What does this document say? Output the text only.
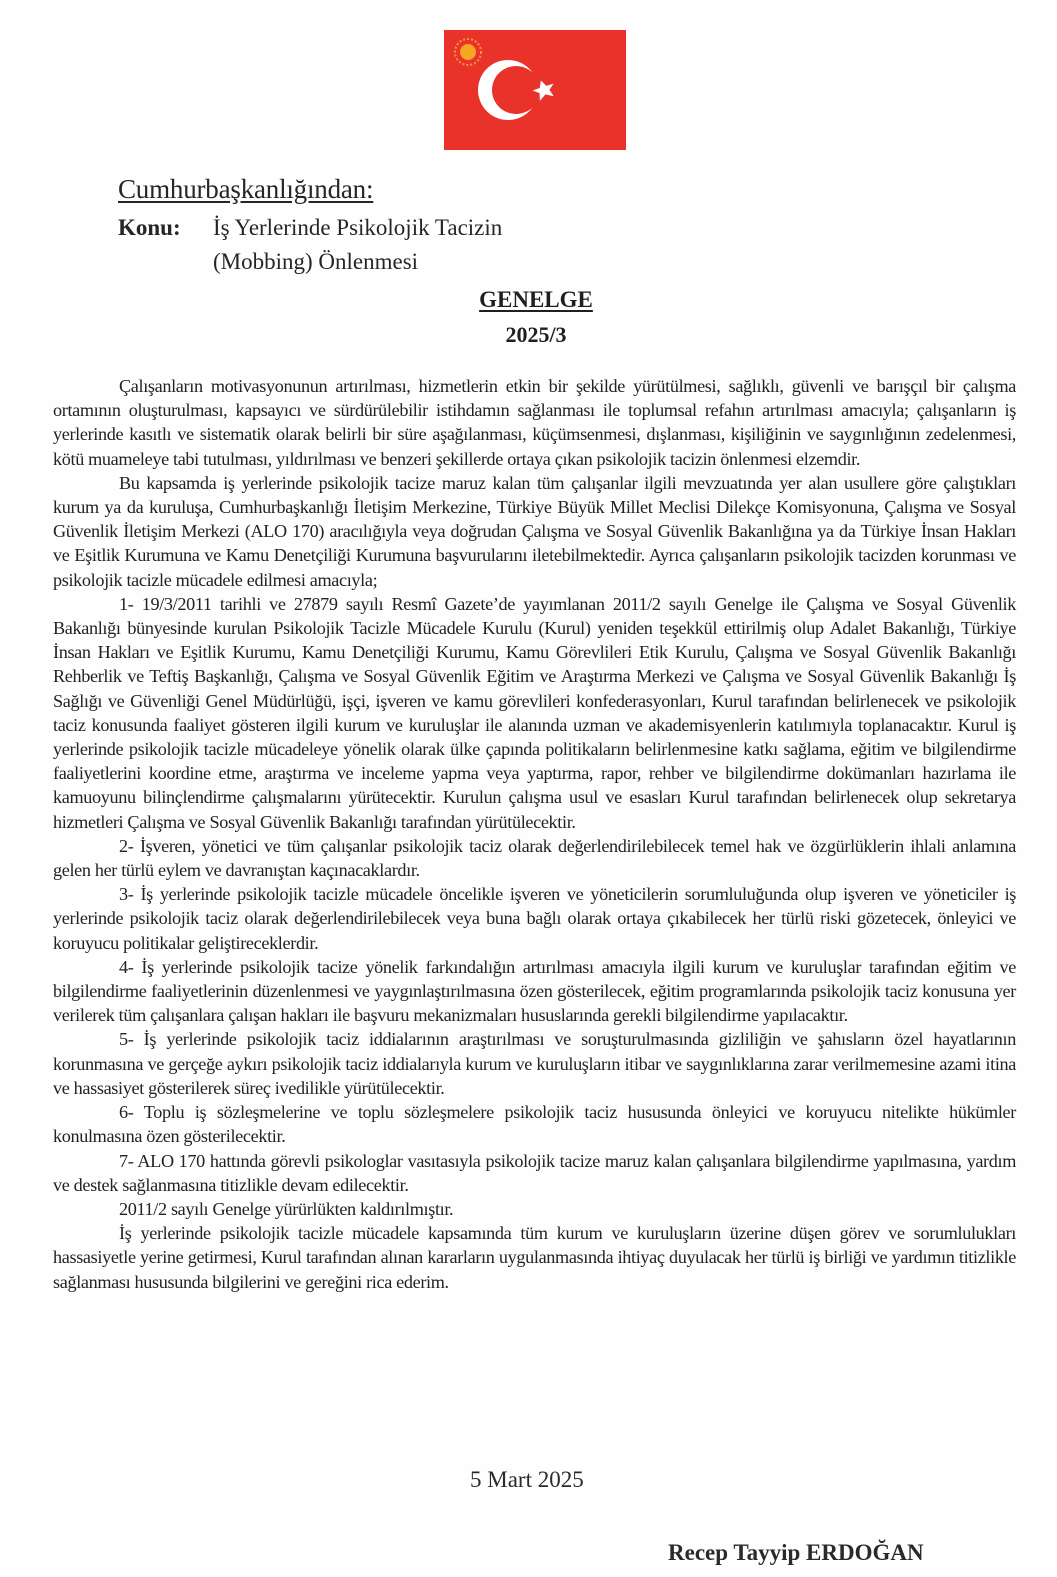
Cumhurbaşkanlığından:
Konu: İş Yerlerinde Psikolojik Tacizin
(Mobbing) Önlenmesi
GENELGE
2025/3

Çalışanların motivasyonunun artırılması, hizmetlerin etkin bir şekilde yürütülmesi, sağlıklı, güvenli ve barışçıl bir çalışma ortamının oluşturulması, kapsayıcı ve sürdürülebilir istihdamın sağlanması ile toplumsal refahın artırılması amacıyla; çalışanların iş yerlerinde kasıtlı ve sistematik olarak belirli bir süre aşağılanması, küçümsenmesi, dışlanması, kişiliğinin ve saygınlığının zedelenmesi, kötü muameleye tabi tutulması, yıldırılması ve benzeri şekillerde ortaya çıkan psikolojik tacizin önlenmesi elzemdir.

Bu kapsamda iş yerlerinde psikolojik tacize maruz kalan tüm çalışanlar ilgili mevzuatında yer alan usullere göre çalıştıkları kurum ya da kuruluşa, Cumhurbaşkanlığı İletişim Merkezine, Türkiye Büyük Millet Meclisi Dilekçe Komisyonuna, Çalışma ve Sosyal Güvenlik İletişim Merkezi (ALO 170) aracılığıyla veya doğrudan Çalışma ve Sosyal Güvenlik Bakanlığına ya da Türkiye İnsan Hakları ve Eşitlik Kurumuna ve Kamu Denetçiliği Kurumuna başvurularını iletebilmektedir. Ayrıca çalışanların psikolojik tacizden korunması ve psikolojik tacizle mücadele edilmesi amacıyla;

1- 19/3/2011 tarihli ve 27879 sayılı Resmî Gazete’de yayımlanan 2011/2 sayılı Genelge ile Çalışma ve Sosyal Güvenlik Bakanlığı bünyesinde kurulan Psikolojik Tacizle Mücadele Kurulu (Kurul) yeniden teşekkül ettirilmiş olup Adalet Bakanlığı, Türkiye İnsan Hakları ve Eşitlik Kurumu, Kamu Denetçiliği Kurumu, Kamu Görevlileri Etik Kurulu, Çalışma ve Sosyal Güvenlik Bakanlığı Rehberlik ve Teftiş Başkanlığı, Çalışma ve Sosyal Güvenlik Eğitim ve Araştırma Merkezi ve Çalışma ve Sosyal Güvenlik Bakanlığı İş Sağlığı ve Güvenliği Genel Müdürlüğü, işçi, işveren ve kamu görevlileri konfederasyonları, Kurul tarafından belirlenecek ve psikolojik taciz konusunda faaliyet gösteren ilgili kurum ve kuruluşlar ile alanında uzman ve akademisyenlerin katılımıyla toplanacaktır. Kurul iş yerlerinde psikolojik tacizle mücadeleye yönelik olarak ülke çapında politikaların belirlenmesine katkı sağlama, eğitim ve bilgilendirme faaliyetlerini koordine etme, araştırma ve inceleme yapma veya yaptırma, rapor, rehber ve bilgilendirme dokümanları hazırlama ile kamuoyunu bilinçlendirme çalışmalarını yürütecektir. Kurulun çalışma usul ve esasları Kurul tarafından belirlenecek olup sekretarya hizmetleri Çalışma ve Sosyal Güvenlik Bakanlığı tarafından yürütülecektir.

2- İşveren, yönetici ve tüm çalışanlar psikolojik taciz olarak değerlendirilebilecek temel hak ve özgürlüklerin ihlali anlamına gelen her türlü eylem ve davranıştan kaçınacaklardır.

3- İş yerlerinde psikolojik tacizle mücadele öncelikle işveren ve yöneticilerin sorumluluğunda olup işveren ve yöneticiler iş yerlerinde psikolojik taciz olarak değerlendirilebilecek veya buna bağlı olarak ortaya çıkabilecek her türlü riski gözetecek, önleyici ve koruyucu politikalar geliştireceklerdir.

4- İş yerlerinde psikolojik tacize yönelik farkındalığın artırılması amacıyla ilgili kurum ve kuruluşlar tarafından eğitim ve bilgilendirme faaliyetlerinin düzenlenmesi ve yaygınlaştırılmasına özen gösterilecek, eğitim programlarında psikolojik taciz konusuna yer verilerek tüm çalışanlara çalışan hakları ile başvuru mekanizmaları hususlarında gerekli bilgilendirme yapılacaktır.

5- İş yerlerinde psikolojik taciz iddialarının araştırılması ve soruşturulmasında gizliliğin ve şahısların özel hayatlarının korunmasına ve gerçeğe aykırı psikolojik taciz iddialarıyla kurum ve kuruluşların itibar ve saygınlıklarına zarar verilmemesine azami itina ve hassasiyet gösterilerek süreç ivedilikle yürütülecektir.

6- Toplu iş sözleşmelerine ve toplu sözleşmelere psikolojik taciz hususunda önleyici ve koruyucu nitelikte hükümler konulmasına özen gösterilecektir.

7- ALO 170 hattında görevli psikologlar vasıtasıyla psikolojik tacize maruz kalan çalışanlara bilgilendirme yapılmasına, yardım ve destek sağlanmasına titizlikle devam edilecektir.

2011/2 sayılı Genelge yürürlükten kaldırılmıştır.

İş yerlerinde psikolojik tacizle mücadele kapsamında tüm kurum ve kuruluşların üzerine düşen görev ve sorumlulukları hassasiyetle yerine getirmesi, Kurul tarafından alınan kararların uygulanmasında ihtiyaç duyulacak her türlü iş birliği ve yardımın titizlikle sağlanması hususunda bilgilerini ve gereğini rica ederim.

5 Mart 2025
Recep Tayyip ERDOĞAN
